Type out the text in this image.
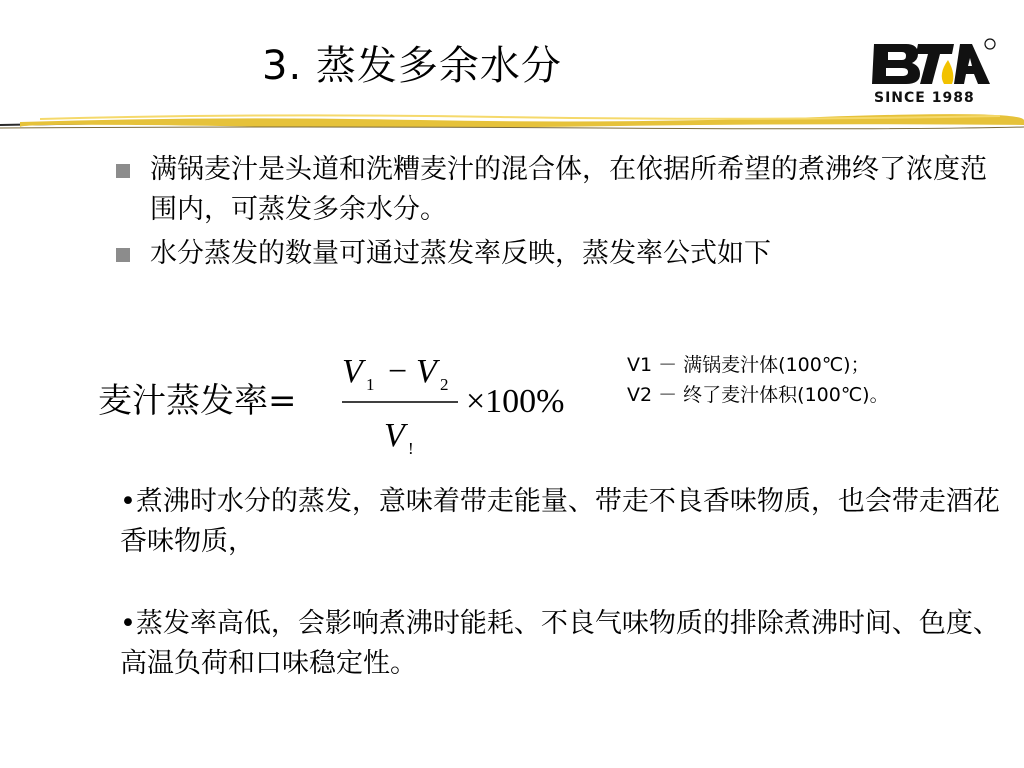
3. 蒸发多余水分
SINCE 1988
满锅麦汁是头道和洗糟麦汁的混合体，在依据所希望的煮沸终了浓度范围内，可蒸发多余水分。
水分蒸发的数量可通过蒸发率反映，蒸发率公式如下
麦汁蒸发率 =
V 1 − V 2
V !
×100%
V1 － 满锅麦汁体(100℃)；
V2 － 终了麦汁体积(100℃)。
•煮沸时水分的蒸发，意味着带走能量、带走不良香味物质，也会带走酒花香味物质，
•蒸发率高低，会影响煮沸时能耗、不良气味物质的排除煮沸时间、色度、高温负荷和口味稳定性。
